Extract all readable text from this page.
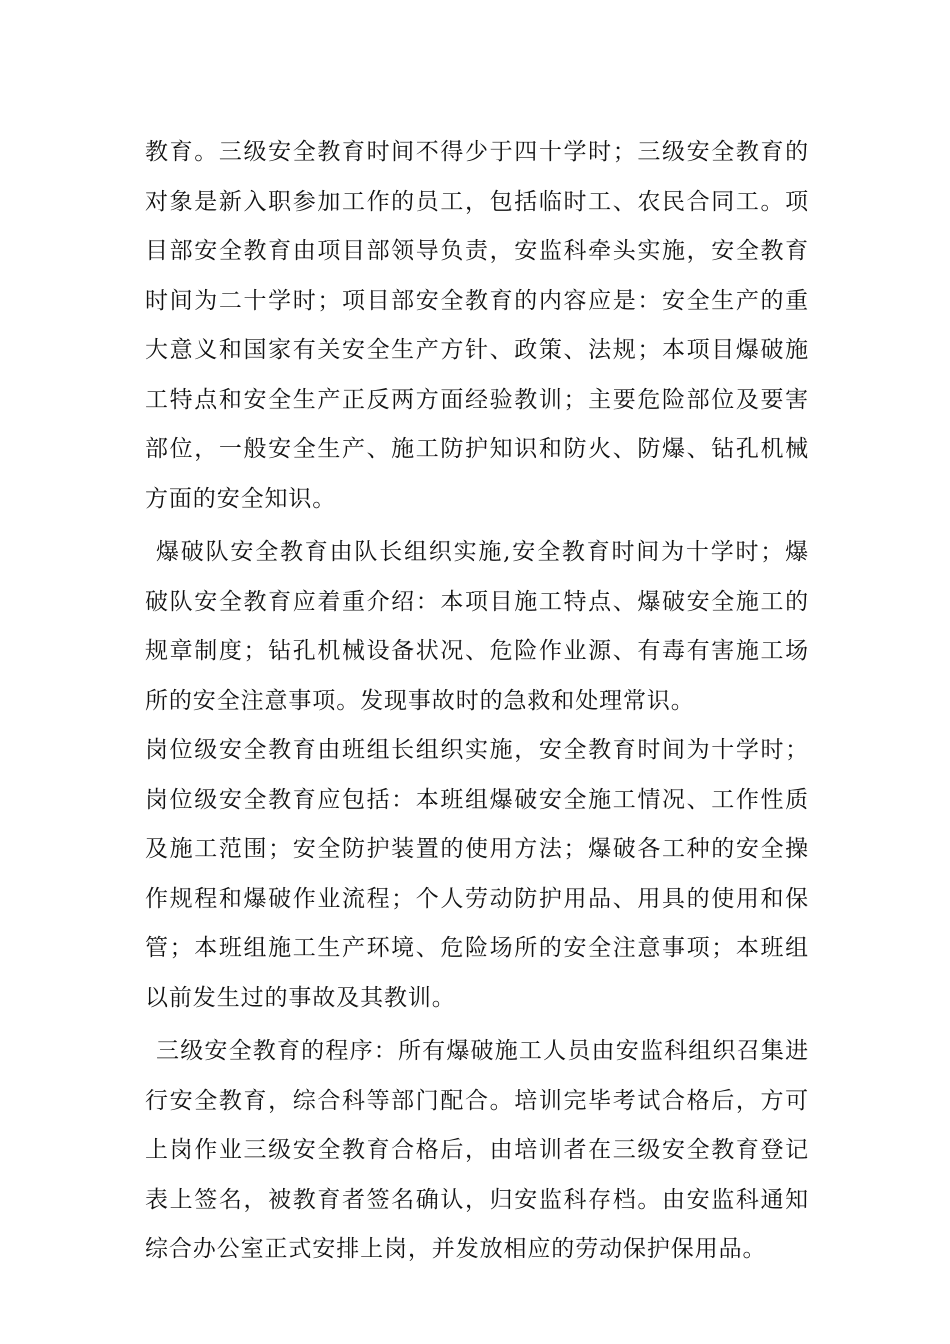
教育。三级安全教育时间不得少于四十学时；三级安全教育的对象是新入职参加工作的员工，包括临时工、农民合同工。项目部安全教育由项目部领导负责，安监科牵头实施，安全教育时间为二十学时；项目部安全教育的内容应是：安全生产的重大意义和国家有关安全生产方针、政策、法规；本项目爆破施工特点和安全生产正反两方面经验教训；主要危险部位及要害部位，一般安全生产、施工防护知识和防火、防爆、钻孔机械方面的安全知识。

爆破队安全教育由队长组织实施,安全教育时间为十学时；爆破队安全教育应着重介绍：本项目施工特点、爆破安全施工的规章制度；钻孔机械设备状况、危险作业源、有毒有害施工场所的安全注意事项。发现事故时的急救和处理常识。

岗位级安全教育由班组长组织实施，安全教育时间为十学时；岗位级安全教育应包括：本班组爆破安全施工情况、工作性质及施工范围；安全防护装置的使用方法；爆破各工种的安全操作规程和爆破作业流程；个人劳动防护用品、用具的使用和保管；本班组施工生产环境、危险场所的安全注意事项；本班组以前发生过的事故及其教训。

三级安全教育的程序：所有爆破施工人员由安监科组织召集进行安全教育，综合科等部门配合。培训完毕考试合格后，方可上岗作业三级安全教育合格后，由培训者在三级安全教育登记表上签名，被教育者签名确认，归安监科存档。由安监科通知综合办公室正式安排上岗，并发放相应的劳动保护保用品。
